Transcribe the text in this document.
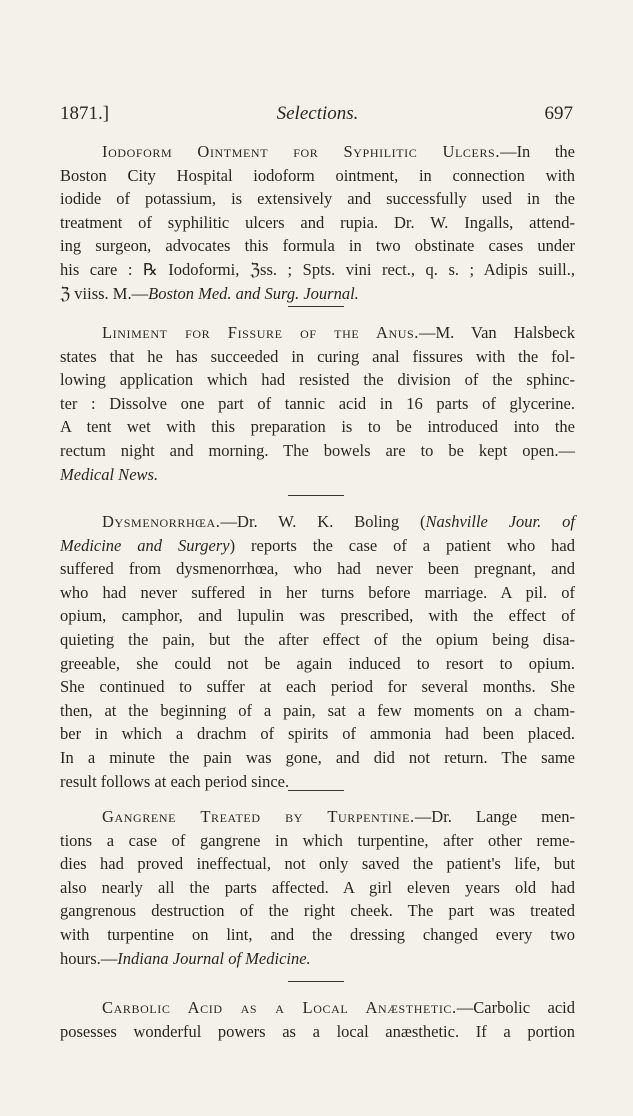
1871.]	Selections.	697
Iodoform Ointment for Syphilitic Ulcers.—In the
Boston City Hospital iodoform ointment, in connection with
iodide of potassium, is extensively and successfully used in the
treatment of syphilitic ulcers and rupia. Dr. W. Ingalls, attend-
ing surgeon, advocates this formula in two obstinate cases under
his care : ℞ Iodoformi, ℨss. ; Spts. vini rect., q. s. ; Adipis suill.,
ℨ viiss. M.—Boston Med. and Surg. Journal.
Liniment for Fissure of the Anus.—M. Van Halsbeck
states that he has succeeded in curing anal fissures with the fol-
lowing application which had resisted the division of the sphinc-
ter : Dissolve one part of tannic acid in 16 parts of glycerine.
A tent wet with this preparation is to be introduced into the
rectum night and morning. The bowels are to be kept open.—
Medical News.
Dysmenorrhœa.—Dr. W. K. Boling (Nashville Jour. of
Medicine and Surgery) reports the case of a patient who had
suffered from dysmenorrhœa, who had never been pregnant, and
who had never suffered in her turns before marriage. A pil. of
opium, camphor, and lupulin was prescribed, with the effect of
quieting the pain, but the after effect of the opium being disa-
greeable, she could not be again induced to resort to opium.
She continued to suffer at each period for several months. She
then, at the beginning of a pain, sat a few moments on a cham-
ber in which a drachm of spirits of ammonia had been placed.
In a minute the pain was gone, and did not return. The same
result follows at each period since.
Gangrene Treated by Turpentine.—Dr. Lange men-
tions a case of gangrene in which turpentine, after other reme-
dies had proved ineffectual, not only saved the patient's life, but
also nearly all the parts affected. A girl eleven years old had
gangrenous destruction of the right cheek. The part was treated
with turpentine on lint, and the dressing changed every two
hours.—Indiana Journal of Medicine.
Carbolic Acid as a Local Anæsthetic.—Carbolic acid
posesses wonderful powers as a local anæsthetic. If a portion
